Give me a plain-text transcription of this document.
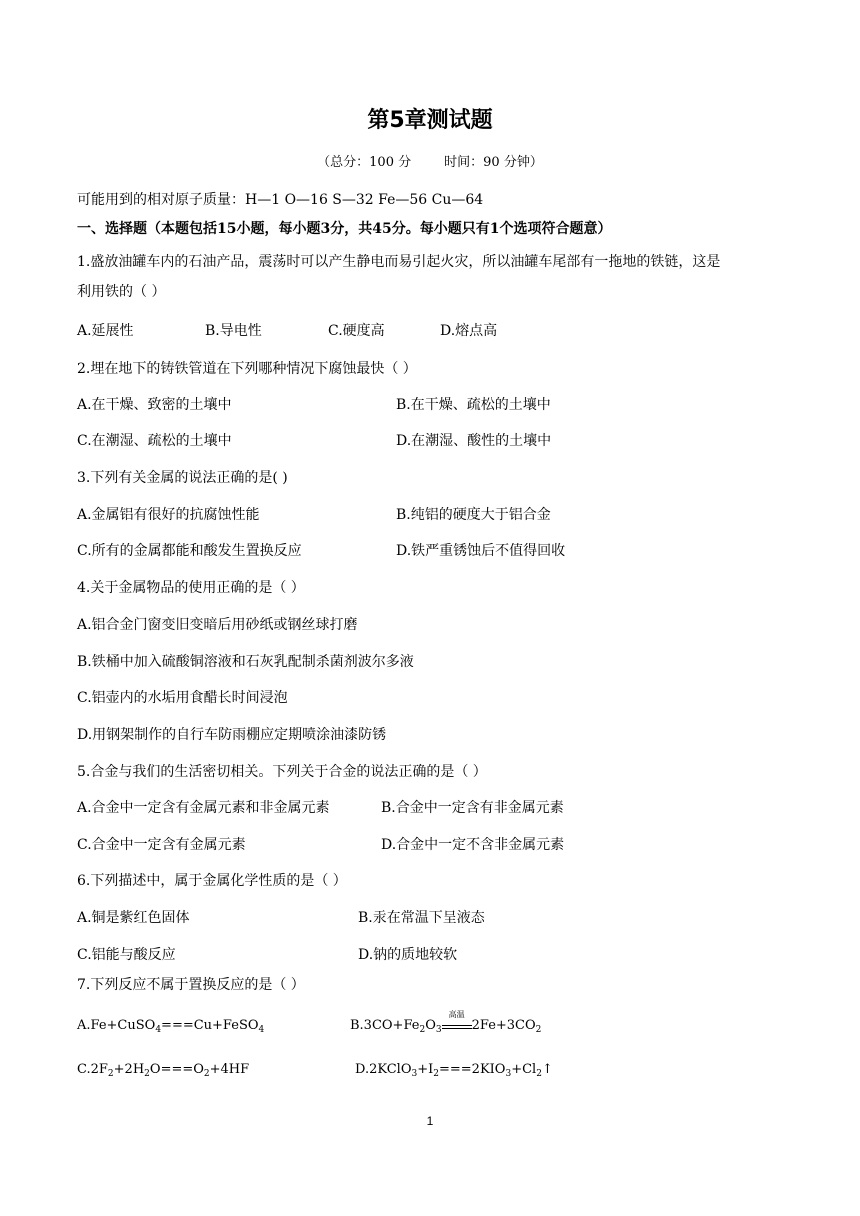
第5章测试题
（总分：100 分        时间：90 分钟）
可能用到的相对原子质量：H—1 O—16 S—32 Fe—56 Cu—64
一、选择题（本题包括15小题，每小题3分，共45分。每小题只有1个选项符合题意）
1.盛放油罐车内的石油产品，震荡时可以产生静电而易引起火灾，所以油罐车尾部有一拖地的铁链，这是
利用铁的（ ）
A.延展性	B.导电性	C.硬度高	D.熔点高
2.埋在地下的铸铁管道在下列哪种情况下腐蚀最快（ ）
A.在干燥、致密的土壤中	B.在干燥、疏松的土壤中
C.在潮湿、疏松的土壤中	D.在潮湿、酸性的土壤中
3.下列有关金属的说法正确的是( )
A.金属铝有很好的抗腐蚀性能	B.纯铝的硬度大于铝合金
C.所有的金属都能和酸发生置换反应	D.铁严重锈蚀后不值得回收
4.关于金属物品的使用正确的是（ ）
A.铝合金门窗变旧变暗后用砂纸或钢丝球打磨
B.铁桶中加入硫酸铜溶液和石灰乳配制杀菌剂波尔多液
C.铝壶内的水垢用食醋长时间浸泡
D.用钢架制作的自行车防雨棚应定期喷涂油漆防锈
5.合金与我们的生活密切相关。下列关于合金的说法正确的是（ ）
A.合金中一定含有金属元素和非金属元素	B.合金中一定含有非金属元素
C.合金中一定含有金属元素	D.合金中一定不含非金属元素
6.下列描述中，属于金属化学性质的是（ ）
A.铜是紫红色固体	B.汞在常温下呈液态
C.铝能与酸反应	D.钠的质地较软
7.下列反应不属于置换反应的是（ ）
A.Fe+CuSO$_4$===Cu+FeSO$_4$	$B.3CO+Fe_2O_3$
高温
$2Fe+3CO_2$
$C.2F_2+2H_2O===O_2+4HF$	$D.2KClO_3+I_2===2KIO_3+Cl_2↑$
1
